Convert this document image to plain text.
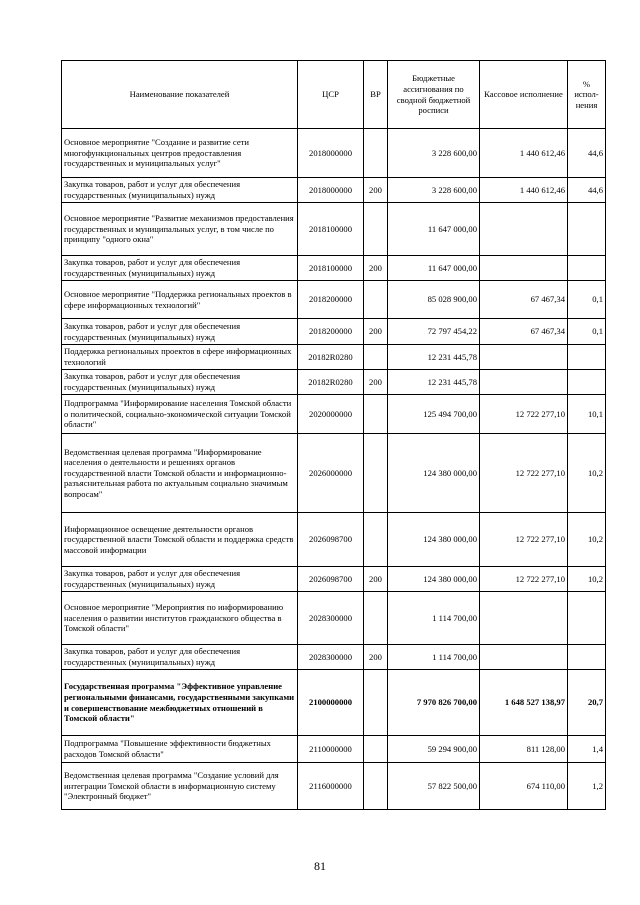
Наименование показателей	ЦСР	ВР	Бюджетные ассигнования по сводной бюджетной росписи	Кассовое исполнение	% испол-нения
Основное мероприятие "Создание и развитие сети многофункциональных центров предоставления государственных и муниципальных услуг"	2018000000		3 228 600,00	1 440 612,46	44,6
Закупка товаров, работ и услуг для обеспечения государственных (муниципальных) нужд	2018000000	200	3 228 600,00	1 440 612,46	44,6
Основное мероприятие "Развитие механизмов предоставления государственных и муниципальных услуг, в том числе по принципу "одного окна"	2018100000		11 647 000,00		
Закупка товаров, работ и услуг для обеспечения государственных (муниципальных) нужд	2018100000	200	11 647 000,00		
Основное мероприятие "Поддержка региональных проектов в сфере информационных технологий"	2018200000		85 028 900,00	67 467,34	0,1
Закупка товаров, работ и услуг для обеспечения государственных (муниципальных) нужд	2018200000	200	72 797 454,22	67 467,34	0,1
Поддержка региональных проектов в сфере информационных технологий	20182R0280		12 231 445,78		
Закупка товаров, работ и услуг для обеспечения государственных (муниципальных) нужд	20182R0280	200	12 231 445,78		
Подпрограмма "Информирование населения Томской области о политической, социально-экономической ситуации Томской области"	2020000000		125 494 700,00	12 722 277,10	10,1
Ведомственная целевая программа "Информирование населения о деятельности и решениях органов государственной власти Томской области и информационно-разъяснительная работа по актуальным социально значимым вопросам"	2026000000		124 380 000,00	12 722 277,10	10,2
Информационное освещение деятельности органов государственной власти Томской области и поддержка средств массовой информации	2026098700		124 380 000,00	12 722 277,10	10,2
Закупка товаров, работ и услуг для обеспечения государственных (муниципальных) нужд	2026098700	200	124 380 000,00	12 722 277,10	10,2
Основное мероприятие "Мероприятия по информированию населения о развитии институтов гражданского общества в Томской области"	2028300000		1 114 700,00		
Закупка товаров, работ и услуг для обеспечения государственных (муниципальных) нужд	2028300000	200	1 114 700,00		
Государственная программа "Эффективное управление региональными финансами, государственными закупками и совершенствование межбюджетных отношений в Томской области"	2100000000		7 970 826 700,00	1 648 527 138,97	20,7
Подпрограмма "Повышение эффективности бюджетных расходов Томской области"	2110000000		59 294 900,00	811 128,00	1,4
Ведомственная целевая программа "Создание условий для интеграции Томской области в информационную систему "Электронный бюджет"	2116000000		57 822 500,00	674 110,00	1,2
81
